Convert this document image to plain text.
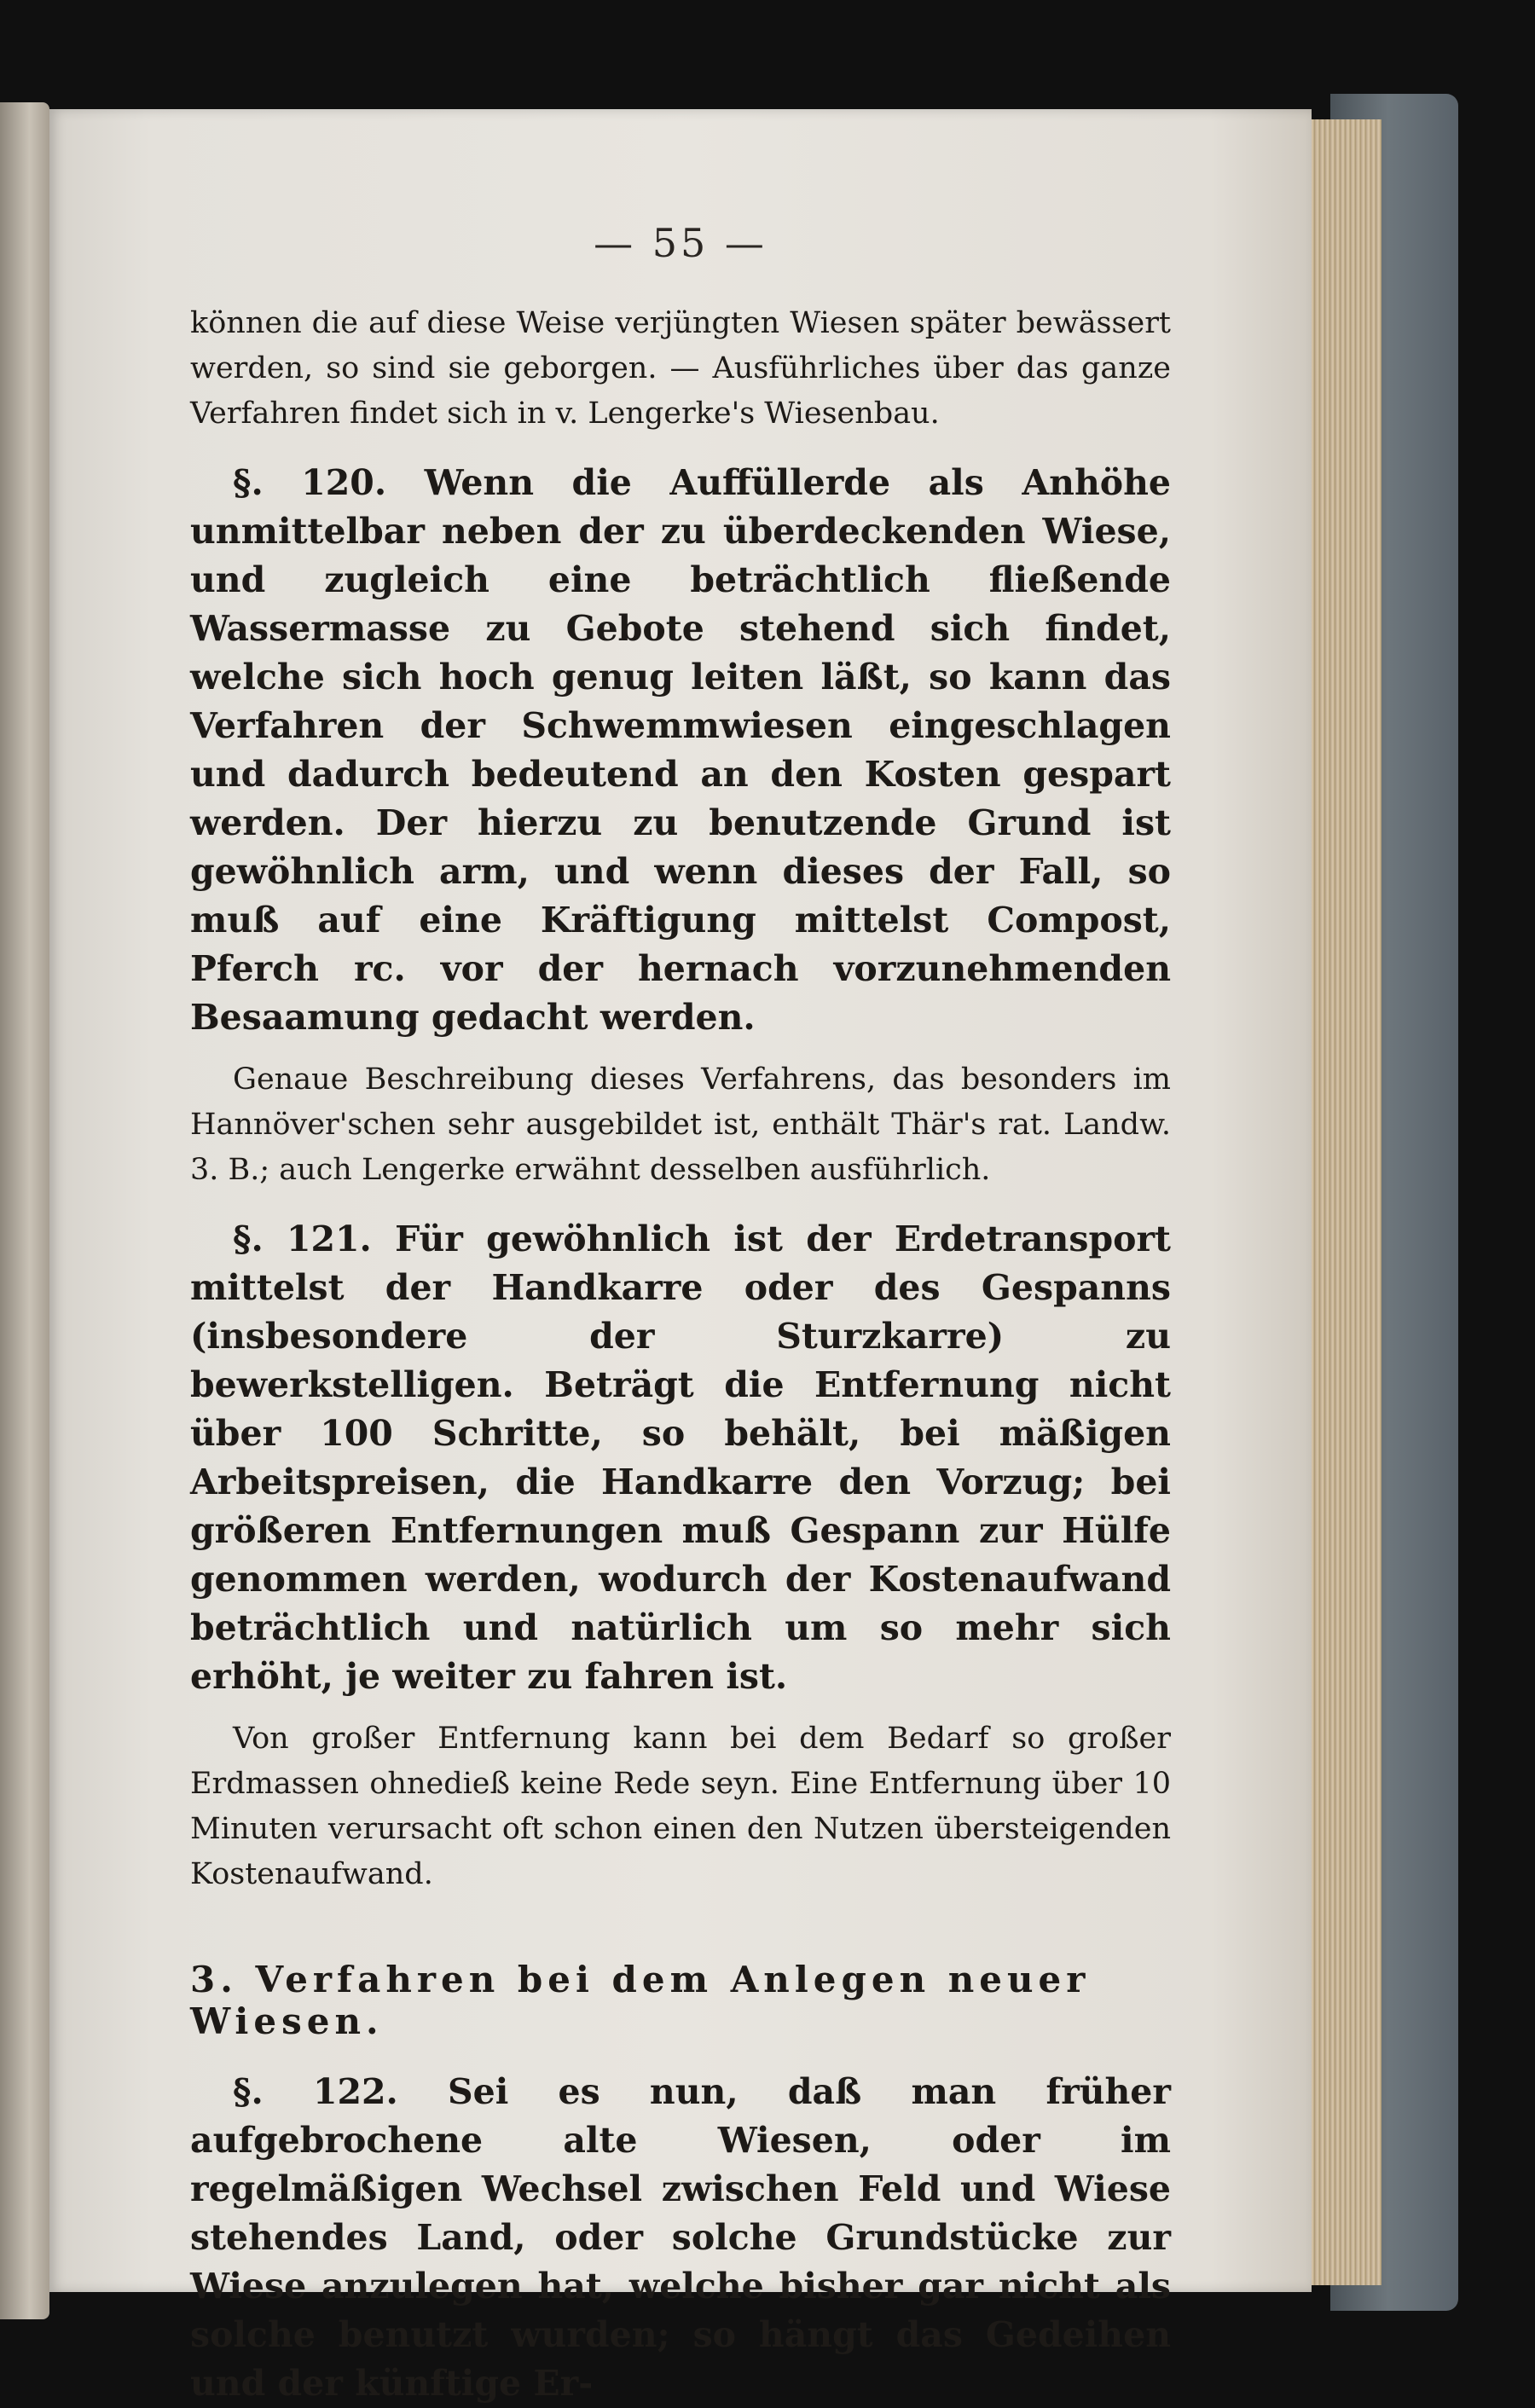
— 55 —

können die auf diese Weise verjüngten Wiesen später bewässert werden, so sind sie geborgen. — Ausführliches über das ganze Verfahren findet sich in v. Lengerke's Wiesenbau.

§. 120. Wenn die Auffüllerde als Anhöhe unmittelbar neben der zu überdeckenden Wiese, und zugleich eine beträchtlich fließende Wassermasse zu Gebote stehend sich findet, welche sich hoch genug leiten läßt, so kann das Verfahren der Schwemmwiesen eingeschlagen und dadurch bedeutend an den Kosten gespart werden. Der hierzu zu benutzende Grund ist gewöhnlich arm, und wenn dieses der Fall, so muß auf eine Kräftigung mittelst Compost, Pferch rc. vor der hernach vorzunehmenden Besaamung gedacht werden.

Genaue Beschreibung dieses Verfahrens, das besonders im Hannöver'schen sehr ausgebildet ist, enthält Thär's rat. Landw. 3. B.; auch Lengerke erwähnt desselben ausführlich.

§. 121. Für gewöhnlich ist der Erdetransport mittelst der Handkarre oder des Gespanns (insbesondere der Sturzkarre) zu bewerkstelligen. Beträgt die Entfernung nicht über 100 Schritte, so behält, bei mäßigen Arbeitspreisen, die Handkarre den Vorzug; bei größeren Entfernungen muß Gespann zur Hülfe genommen werden, wodurch der Kostenaufwand beträchtlich und natürlich um so mehr sich erhöht, je weiter zu fahren ist.

Von großer Entfernung kann bei dem Bedarf so großer Erdmassen ohnedieß keine Rede seyn. Eine Entfernung über 10 Minuten verursacht oft schon einen den Nutzen übersteigenden Kostenaufwand.

3. Verfahren bei dem Anlegen neuer Wiesen.

§. 122. Sei es nun, daß man früher aufgebrochene alte Wiesen, oder im regelmäßigen Wechsel zwischen Feld und Wiese stehendes Land, oder solche Grundstücke zur Wiese anzulegen hat, welche bisher gar nicht als solche benutzt wurden; so hängt das Gedeihen und der künftige Er-
